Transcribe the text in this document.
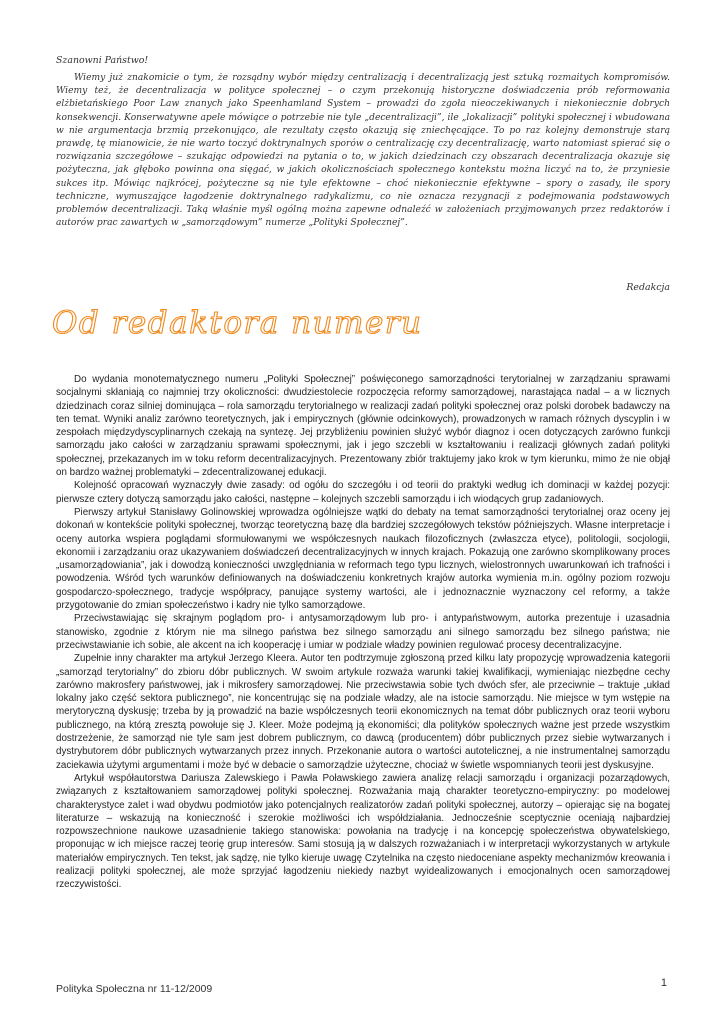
Szanowni Państwo!

Wiemy już znakomicie o tym, że rozsądny wybór między centralizacją i decentralizacją jest sztuką rozmaitych kompromisów. Wiemy też, że decentralizacja w polityce społecznej – o czym przekonują historyczne doświadczenia prób reformowania elżbietańskiego Poor Law znanych jako Speenhamland System – prowadzi do zgoła nieoczekiwanych i niekoniecznie dobrych konsekwencji. Konserwatywne apele mówiące o potrzebie nie tyle „decentralizacji”, ile „lokalizacji” polityki społecznej i wbudowana w nie argumentacja brzmią przekonująco, ale rezultaty często okazują się zniechęcające. To po raz kolejny demonstruje starą prawdę, tę mianowicie, że nie warto toczyć doktrynalnych sporów o centralizację czy decentralizację, warto natomiast spierać się o rozwiązania szczegółowe – szukając odpowiedzi na pytania o to, w jakich dziedzinach czy obszarach decentralizacja okazuje się pożyteczna, jak głęboko powinna ona sięgać, w jakich okolicznościach społecznego kontekstu można liczyć na to, że przyniesie sukces itp. Mówiąc najkrócej, pożyteczne są nie tyle efektowne – choć niekoniecznie efektywne – spory o zasady, ile spory techniczne, wymuszające łagodzenie doktrynalnego radykalizmu, co nie oznacza rezygnacji z podejmowania podstawowych problemów decentralizacji. Taką właśnie myśl ogólną można zapewne odnaleźć w założeniach przyjmowanych przez redaktorów i autorów prac zawartych w „samorządowym” numerze „Polityki Społecznej”.

Redakcja
Od redaktora numeru

Do wydania monotematycznego numeru „Polityki Społecznej” poświęconego samorządności terytorialnej w zarządzaniu sprawami socjalnymi skłaniają co najmniej trzy okoliczności: dwudziestolecie rozpoczęcia reformy samorządowej, narastająca nadal – a w licznych dziedzinach coraz silniej dominująca – rola samorządu terytorialnego w realizacji zadań polityki społecznej oraz polski dorobek badawczy na ten temat. Wyniki analiz zarówno teoretycznych, jak i empirycznych (głównie odcinkowych), prowadzonych w ramach różnych dyscyplin i w zespołach międzydyscyplinarnych czekają na syntezę. Jej przybliżeniu powinien służyć wybór diagnoz i ocen dotyczących zarówno funkcji samorządu jako całości w zarządzaniu sprawami społecznymi, jak i jego szczebli w kształtowaniu i realizacji głównych zadań polityki społecznej, przekazanych im w toku reform decentralizacyjnych. Prezentowany zbiór traktujemy jako krok w tym kierunku, mimo że nie objął on bardzo ważnej problematyki – zdecentralizowanej edukacji.

Kolejność opracowań wyznaczyły dwie zasady: od ogółu do szczegółu i od teorii do praktyki według ich dominacji w każdej pozycji: pierwsze cztery dotyczą samorządu jako całości, następne – kolejnych szczebli samorządu i ich wiodących grup zadaniowych.

Pierwszy artykuł Stanisławy Golinowskiej wprowadza ogólniejsze wątki do debaty na temat samorządności terytorialnej oraz oceny jej dokonań w kontekście polityki społecznej, tworząc teoretyczną bazę dla bardziej szczegółowych tekstów późniejszych. Własne interpretacje i oceny autorka wspiera poglądami sformułowanymi we współczesnych naukach filozoficznych (zwłaszcza etyce), politologii, socjologii, ekonomii i zarządzaniu oraz ukazywaniem doświadczeń decentralizacyjnych w innych krajach. Pokazują one zarówno skomplikowany proces „usamorządowiania”, jak i dowodzą konieczności uwzględniania w reformach tego typu licznych, wielostronnych uwarunkowań ich trafności i powodzenia. Wśród tych warunków definiowanych na doświadczeniu konkretnych krajów autorka wymienia m.in. ogólny poziom rozwoju gospodarczo-społecznego, tradycje współpracy, panujące systemy wartości, ale i jednoznacznie wyznaczony cel reformy, a także przygotowanie do zmian społeczeństwo i kadry nie tylko samorządowe.

Przeciwstawiając się skrajnym poglądom pro- i antysamorządowym lub pro- i antypaństwowym, autorka prezentuje i uzasadnia stanowisko, zgodnie z którym nie ma silnego państwa bez silnego samorządu ani silnego samorządu bez silnego państwa; nie przeciwstawianie ich sobie, ale akcent na ich kooperację i umiar w podziale władzy powinien regulować procesy decentralizacyjne.

Zupełnie inny charakter ma artykuł Jerzego Kleera. Autor ten podtrzymuje zgłoszoną przed kilku laty propozycję wprowadzenia kategorii „samorząd terytorialny” do zbioru dóbr publicznych. W swoim artykule rozważa warunki takiej kwalifikacji, wymieniając niezbędne cechy zarówno makrosfery państwowej, jak i mikrosfery samorządowej. Nie przeciwstawia sobie tych dwóch sfer, ale przeciwnie – traktuje „układ lokalny jako część sektora publicznego”, nie koncentrując się na podziale władzy, ale na istocie samorządu. Nie miejsce w tym wstępie na merytoryczną dyskusję; trzeba by ją prowadzić na bazie współczesnych teorii ekonomicznych na temat dóbr publicznych oraz teorii wyboru publicznego, na którą zresztą powołuje się J. Kleer. Może podejmą ją ekonomiści; dla polityków społecznych ważne jest przede wszystkim dostrzeżenie, że samorząd nie tyle sam jest dobrem publicznym, co dawcą (producentem) dóbr publicznych przez siebie wytwarzanych i dystrybutorem dóbr publicznych wytwarzanych przez innych. Przekonanie autora o wartości autotelicznej, a nie instrumentalnej samorządu zaciekawia użytymi argumentami i może być w debacie o samorządzie użyteczne, chociaż w świetle wspomnianych teorii jest dyskusyjne.

Artykuł współautorstwa Dariusza Zalewskiego i Pawła Poławskiego zawiera analizę relacji samorządu i organizacji pozarządowych, związanych z kształtowaniem samorządowej polityki społecznej. Rozważania mają charakter teoretyczno-empiryczny: po modelowej charakterystyce zalet i wad obydwu podmiotów jako potencjalnych realizatorów zadań polityki społecznej, autorzy – opierając się na bogatej literaturze – wskazują na konieczność i szerokie możliwości ich współdziałania. Jednocześnie sceptycznie oceniają najbardziej rozpowszechnione naukowe uzasadnienie takiego stanowiska: powołania na tradycję i na koncepcję społeczeństwa obywatelskiego, proponując w ich miejsce raczej teorię grup interesów. Sami stosują ją w dalszych rozważaniach i w interpretacji wykorzystanych w artykule materiałów empirycznych. Ten tekst, jak sądzę, nie tylko kieruje uwagę Czytelnika na często niedoceniane aspekty mechanizmów kreowania i realizacji polityki społecznej, ale może sprzyjać łagodzeniu niekiedy nazbyt wyidealizowanych i emocjonalnych ocen samorządowej rzeczywistości.

Polityka Społeczna nr 11-12/2009	1
